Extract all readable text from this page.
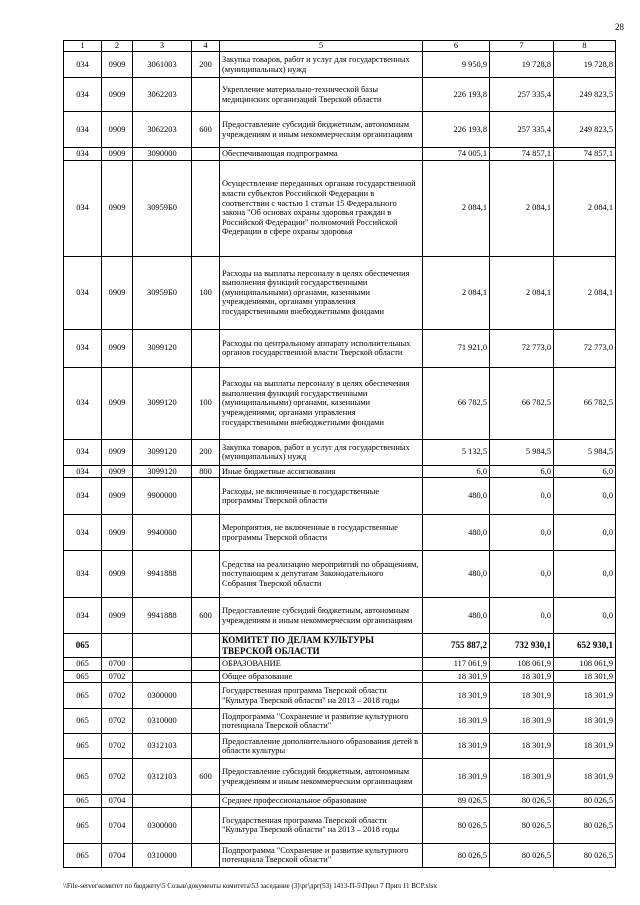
28
1	2	3	4	5	6	7	8
034	0909	3061003	200	Закупка товаров, работ и услуг для государственных (муниципальных) нужд	9 950,9	19 728,8	19 728,8
034	0909	3062203		Укрепление материально-технической базы медицинских организаций Тверской области	226 193,8	257 335,4	249 823,5
034	0909	3062203	600	Предоставление субсидий бюджетным, автономным учреждениям и иным некоммерческим организациям	226 193,8	257 335,4	249 823,5
034	0909	3090000		Обеспечивающая подпрограмма	74 005,1	74 857,1	74 857,1
034	0909	30959Б0		Осуществление переданных органам государственной власти субъектов Российской Федерации в соответствии с частью 1 статьи 15 Федерального закона "Об основах охраны здоровья граждан в Российской Федерации" полномочий Российской Федерации в сфере охраны здоровья	2 084,1	2 084,1	2 084,1
034	0909	30959Б0	100	Расходы на выплаты персоналу в целях обеспечения выполнения функций государственными (муниципальными) органами, казенными учреждениями, органами управления государственными внебюджетными фондами	2 084,1	2 084,1	2 084,1
034	0909	3099120		Расходы по центральному аппарату исполнительных органов государственной власти Тверской области	71 921,0	72 773,0	72 773,0
034	0909	3099120	100	Расходы на выплаты персоналу в целях обеспечения выполнения функций государственными (муниципальными) органами, казенными учреждениями, органами управления государственными внебюджетными фондами	66 782,5	66 782,5	66 782,5
034	0909	3099120	200	Закупка товаров, работ и услуг для государственных (муниципальных) нужд	5 132,5	5 984,5	5 984,5
034	0909	3099120	800	Иные бюджетные ассигнования	6,0	6,0	6,0
034	0909	9900000		Расходы, не включенные в государственные программы Тверской области	480,0	0,0	0,0
034	0909	9940000		Мероприятия, не включенные в государственные программы Тверской области	480,0	0,0	0,0
034	0909	9941888		Средства на реализацию мероприятий по обращениям, поступающим к депутатам Законодательного Собрания Тверской области	480,0	0,0	0,0
034	0909	9941888	600	Предоставление субсидий бюджетным, автономным учреждениям и иным некоммерческим организациям	480,0	0,0	0,0
065				КОМИТЕТ ПО ДЕЛАМ КУЛЬТУРЫ ТВЕРСКОЙ ОБЛАСТИ	755 887,2	732 930,1	652 930,1
065	0700			ОБРАЗОВАНИЕ	117 061,9	108 061,9	108 061,9
065	0702			Общее образование	18 301,9	18 301,9	18 301,9
065	0702	0300000		Государственная программа Тверской области "Культура Тверской области" на 2013 – 2018 годы	18 301,9	18 301,9	18 301,9
065	0702	0310000		Подпрограмма "Сохранение и развитие культурного потенциала Тверской области"	18 301,9	18 301,9	18 301,9
065	0702	0312103		Предоставление дополнительного образования детей в области культуры	18 301,9	18 301,9	18 301,9
065	0702	0312103	600	Предоставление субсидий бюджетным, автономным учреждениям и иным некоммерческим организациям	18 301,9	18 301,9	18 301,9
065	0704			Среднее профессиональное образование	89 026,5	80 026,5	80 026,5
065	0704	0300000		Государственная программа Тверской области "Культура Тверской области" на 2013 – 2018 годы	80 026,5	80 026,5	80 026,5
065	0704	0310000		Подпрограмма "Сохранение и развитие культурного потенциала Тверской области"	80 026,5	80 026,5	80 026,5
\\File-server\комитет по бюджету\5 Созыв\документы комитета\53 заседание (3)\рг\дрг(53) 1413-П-5\Прил 7 Прил 11 ВСР.xlsx
